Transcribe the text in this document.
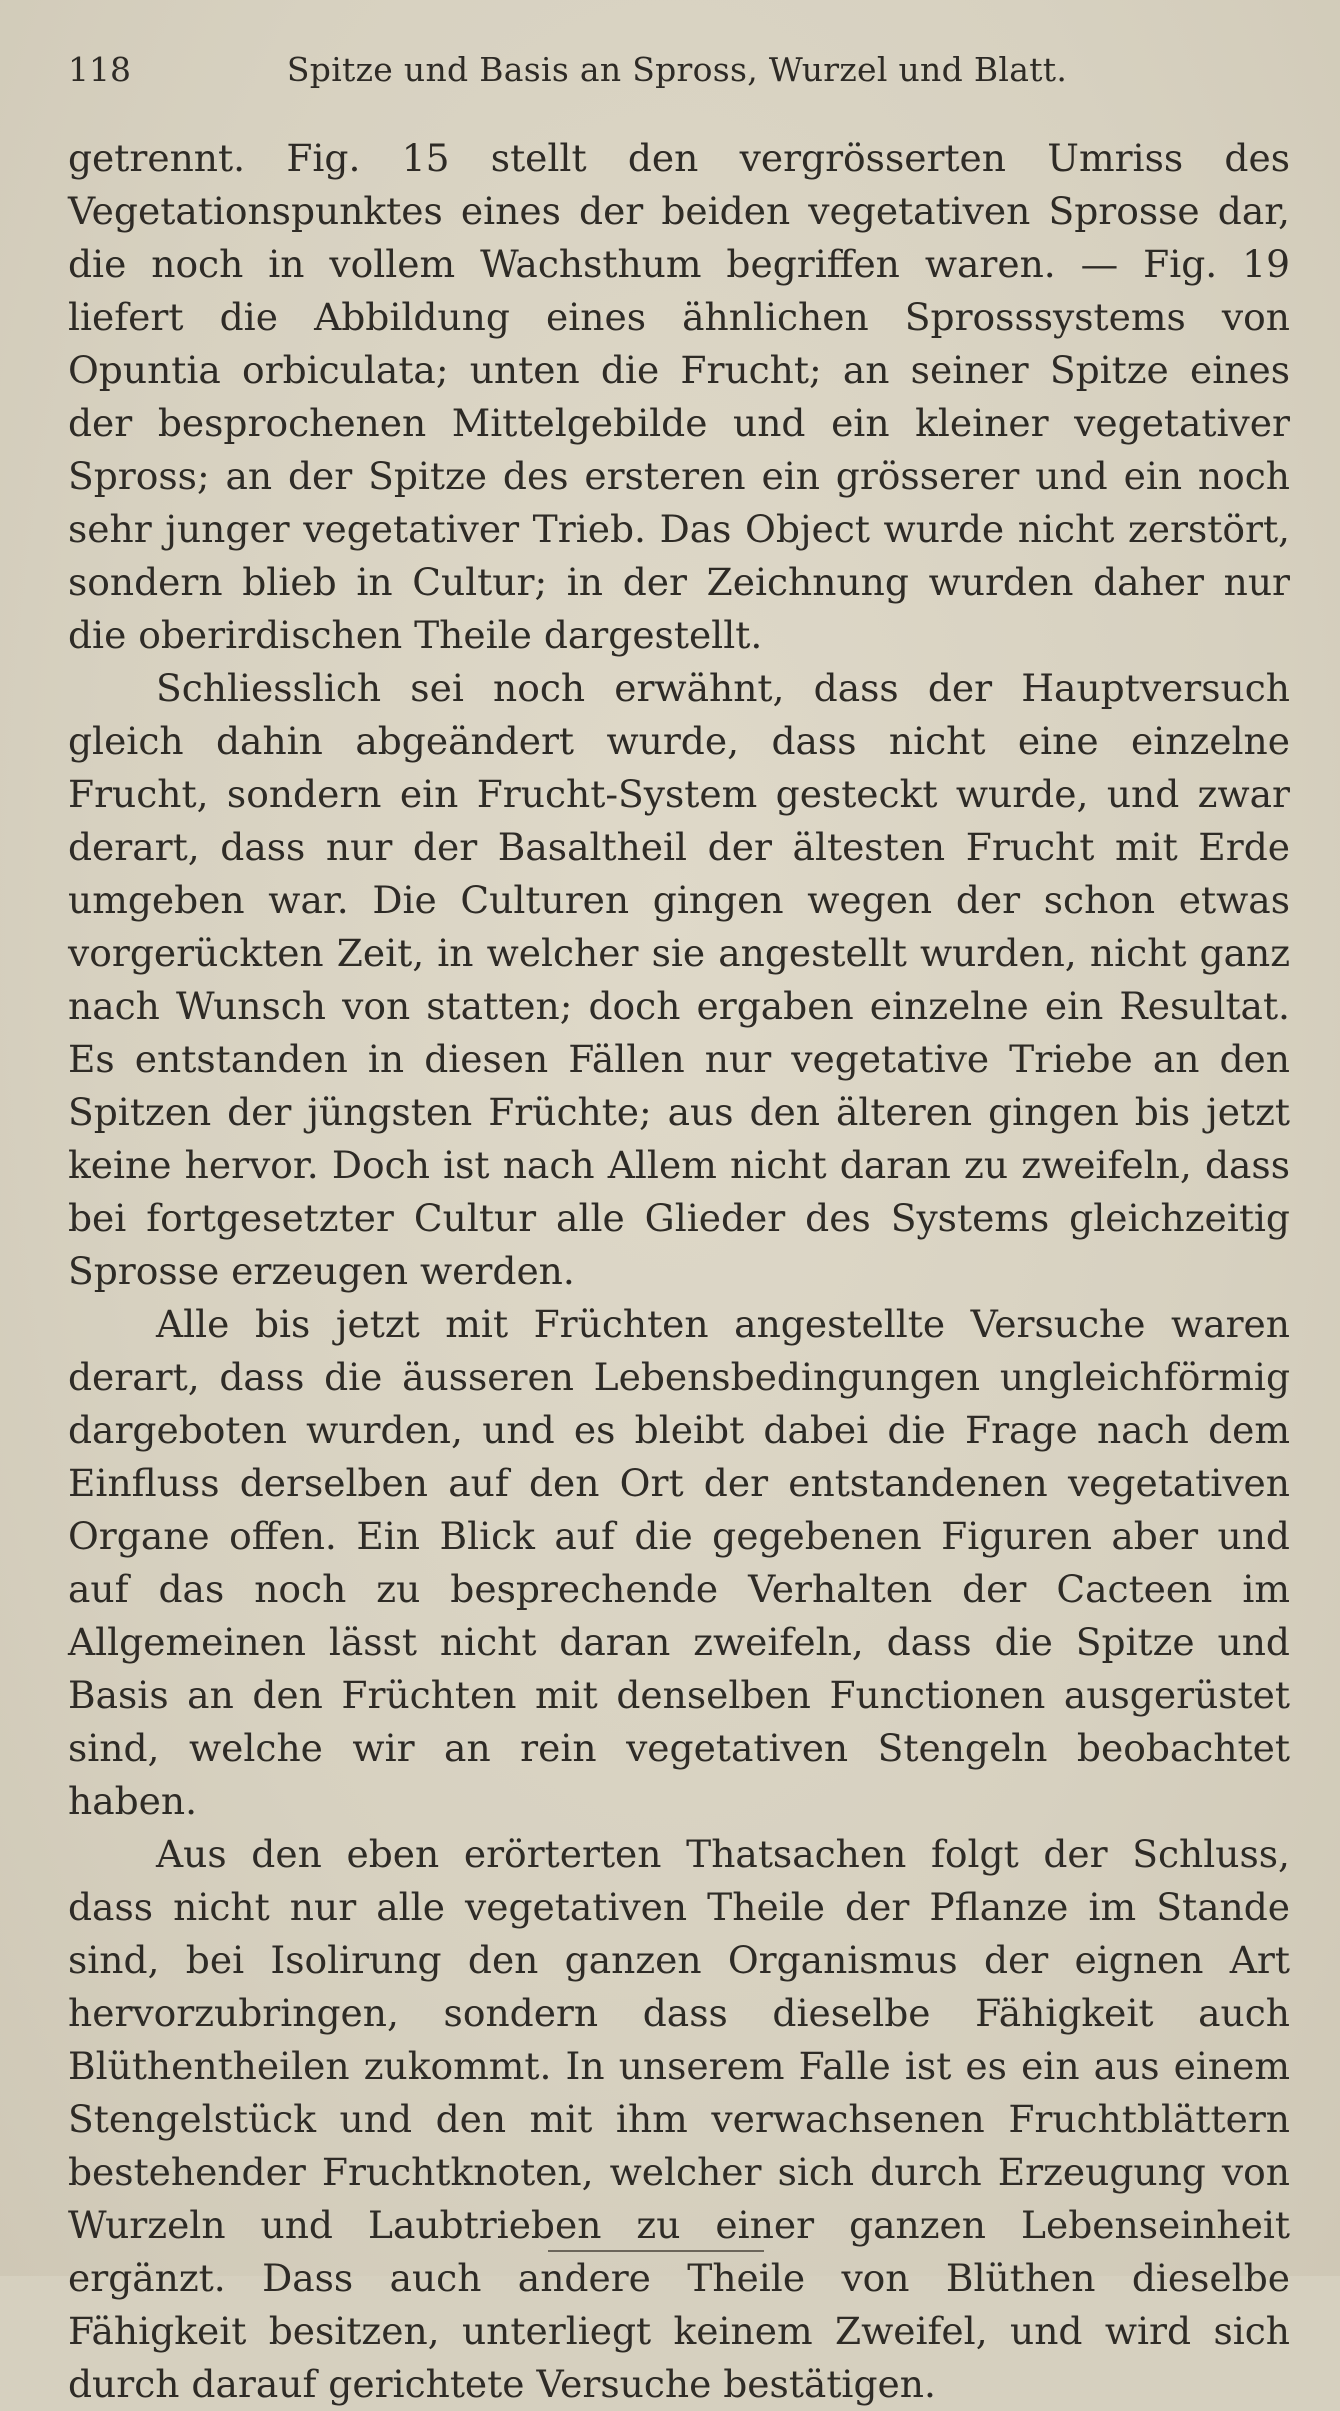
118	Spitze und Basis an Spross, Wurzel und Blatt.

getrennt. Fig. 15 stellt den vergrösserten Umriss des Vegetationspunktes eines der beiden vegetativen Sprosse dar, die noch in vollem Wachsthum begriffen waren. — Fig. 19 liefert die Abbildung eines ähnlichen Sprosssystems von Opuntia orbiculata; unten die Frucht; an seiner Spitze eines der besprochenen Mittelgebilde und ein kleiner vegetativer Spross; an der Spitze des ersteren ein grösserer und ein noch sehr junger vegetativer Trieb. Das Object wurde nicht zerstört, sondern blieb in Cultur; in der Zeichnung wurden daher nur die oberirdischen Theile dargestellt.

Schliesslich sei noch erwähnt, dass der Hauptversuch gleich dahin abgeändert wurde, dass nicht eine einzelne Frucht, sondern ein Frucht-System gesteckt wurde, und zwar derart, dass nur der Basaltheil der ältesten Frucht mit Erde umgeben war. Die Culturen gingen wegen der schon etwas vorgerückten Zeit, in welcher sie angestellt wurden, nicht ganz nach Wunsch von statten; doch ergaben einzelne ein Resultat. Es entstanden in diesen Fällen nur vegetative Triebe an den Spitzen der jüngsten Früchte; aus den älteren gingen bis jetzt keine hervor. Doch ist nach Allem nicht daran zu zweifeln, dass bei fortgesetzter Cultur alle Glieder des Systems gleichzeitig Sprosse erzeugen werden.

Alle bis jetzt mit Früchten angestellte Versuche waren derart, dass die äusseren Lebensbedingungen ungleichförmig dargeboten wurden, und es bleibt dabei die Frage nach dem Einfluss derselben auf den Ort der entstandenen vegetativen Organe offen. Ein Blick auf die gegebenen Figuren aber und auf das noch zu besprechende Verhalten der Cacteen im Allgemeinen lässt nicht daran zweifeln, dass die Spitze und Basis an den Früchten mit denselben Functionen ausgerüstet sind, welche wir an rein vegetativen Stengeln beobachtet haben.

Aus den eben erörterten Thatsachen folgt der Schluss, dass nicht nur alle vegetativen Theile der Pflanze im Stande sind, bei Isolirung den ganzen Organismus der eignen Art hervorzubringen, sondern dass dieselbe Fähigkeit auch Blüthentheilen zukommt. In unserem Falle ist es ein aus einem Stengelstück und den mit ihm verwachsenen Fruchtblättern bestehender Fruchtknoten, welcher sich durch Erzeugung von Wurzeln und Laubtrieben zu einer ganzen Lebenseinheit ergänzt. Dass auch andere Theile von Blüthen dieselbe Fähigkeit besitzen, unterliegt keinem Zweifel, und wird sich durch darauf gerichtete Versuche bestätigen.
